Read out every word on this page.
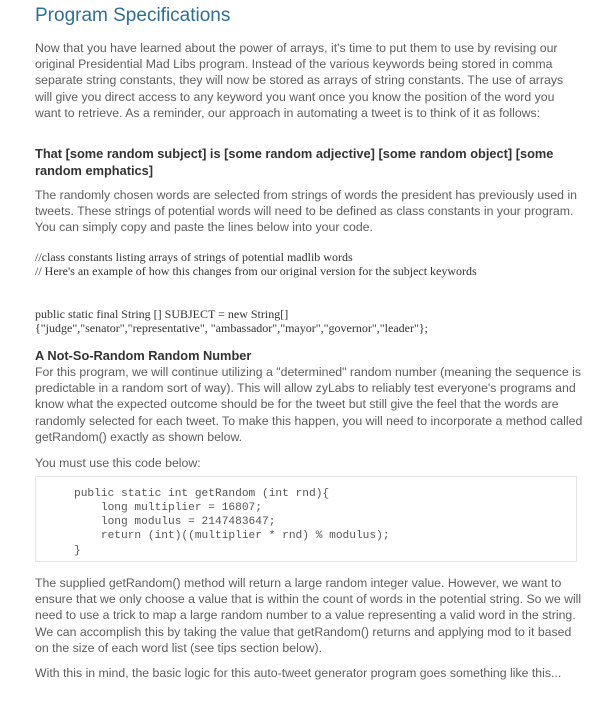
Program Specifications

Now that you have learned about the power of arrays, it's time to put them to use by revising our original Presidential Mad Libs program. Instead of the various keywords being stored in comma separate string constants, they will now be stored as arrays of string constants. The use of arrays will give you direct access to any keyword you want once you know the position of the word you want to retrieve. As a reminder, our approach in automating a tweet is to think of it as follows:

That [some random subject] is [some random adjective] [some random object] [some random emphatics]

The randomly chosen words are selected from strings of words the president has previously used in tweets. These strings of potential words will need to be defined as class constants in your program. You can simply copy and paste the lines below into your code.

//class constants listing arrays of strings of potential madlib words
// Here's an example of how this changes from our original version for the subject keywords

public static final String [] SUBJECT = new String[]
{"judge","senator","representative", "ambassador","mayor","governor","leader"};

A Not-So-Random Random Number

For this program, we will continue utilizing a "determined" random number (meaning the sequence is predictable in a random sort of way). This will allow zyLabs to reliably test everyone's programs and know what the expected outcome should be for the tweet but still give the feel that the words are randomly selected for each tweet. To make this happen, you will need to incorporate a method called getRandom() exactly as shown below.

You must use this code below:

public static int getRandom (int rnd){
long multiplier = 16807;
long modulus = 2147483647;
return (int)((multiplier * rnd) % modulus);
}

The supplied getRandom() method will return a large random integer value. However, we want to ensure that we only choose a value that is within the count of words in the potential string. So we will need to use a trick to map a large random number to a value representing a valid word in the string. We can accomplish this by taking the value that getRandom() returns and applying mod to it based on the size of each word list (see tips section below).

With this in mind, the basic logic for this auto-tweet generator program goes something like this...
